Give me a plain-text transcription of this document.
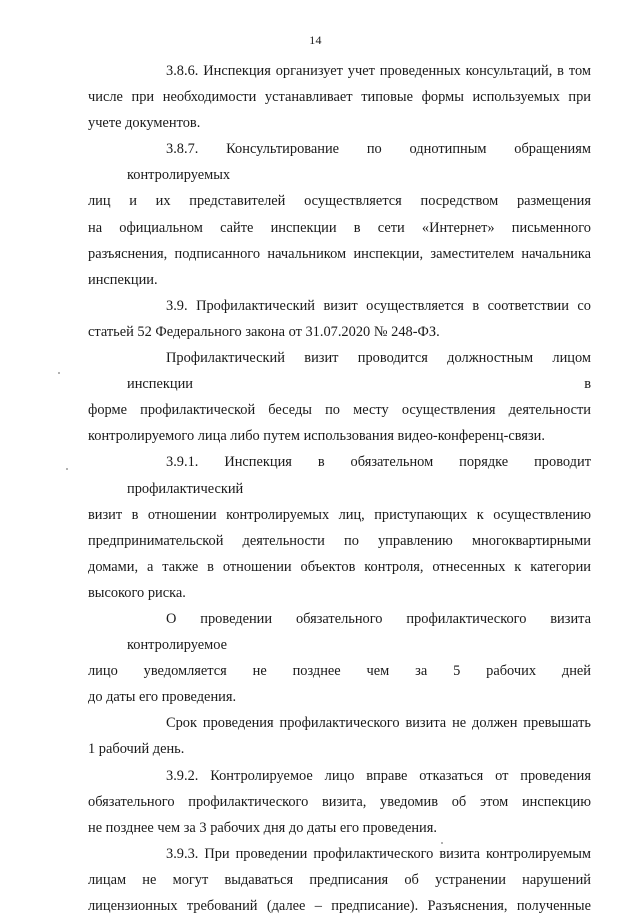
14

3.8.6. Инспекция организует учет проведенных консультаций, в том
числе при необходимости устанавливает типовые формы используемых при
учете документов.

3.8.7. Консультирование по однотипным обращениям контролируемых
лиц и их представителей осуществляется посредством размещения
на официальном сайте инспекции в сети «Интернет» письменного
разъяснения, подписанного начальником инспекции, заместителем начальника
инспекции.

3.9. Профилактический визит осуществляется в соответствии со
статьей 52 Федерального закона от 31.07.2020 № 248-ФЗ.

Профилактический визит проводится должностным лицом инспекции в
форме профилактической беседы по месту осуществления деятельности
контролируемого лица либо путем использования видео-конференц-связи.

3.9.1. Инспекция в обязательном порядке проводит профилактический
визит в отношении контролируемых лиц, приступающих к осуществлению
предпринимательской деятельности по управлению многоквартирными
домами, а также в отношении объектов контроля, отнесенных к категории
высокого риска.

О проведении обязательного профилактического визита контролируемое
лицо уведомляется не позднее чем за 5 рабочих дней
до даты его проведения.

Срок проведения профилактического визита не должен превышать
1 рабочий день.

3.9.2. Контролируемое лицо вправе отказаться от проведения
обязательного профилактического визита, уведомив об этом инспекцию
не позднее чем за 3 рабочих дня до даты его проведения.

3.9.3. При проведении профилактического визита контролируемым
лицам не могут выдаваться предписания об устранении нарушений
лицензионных требований (далее – предписание). Разъяснения, полученные
